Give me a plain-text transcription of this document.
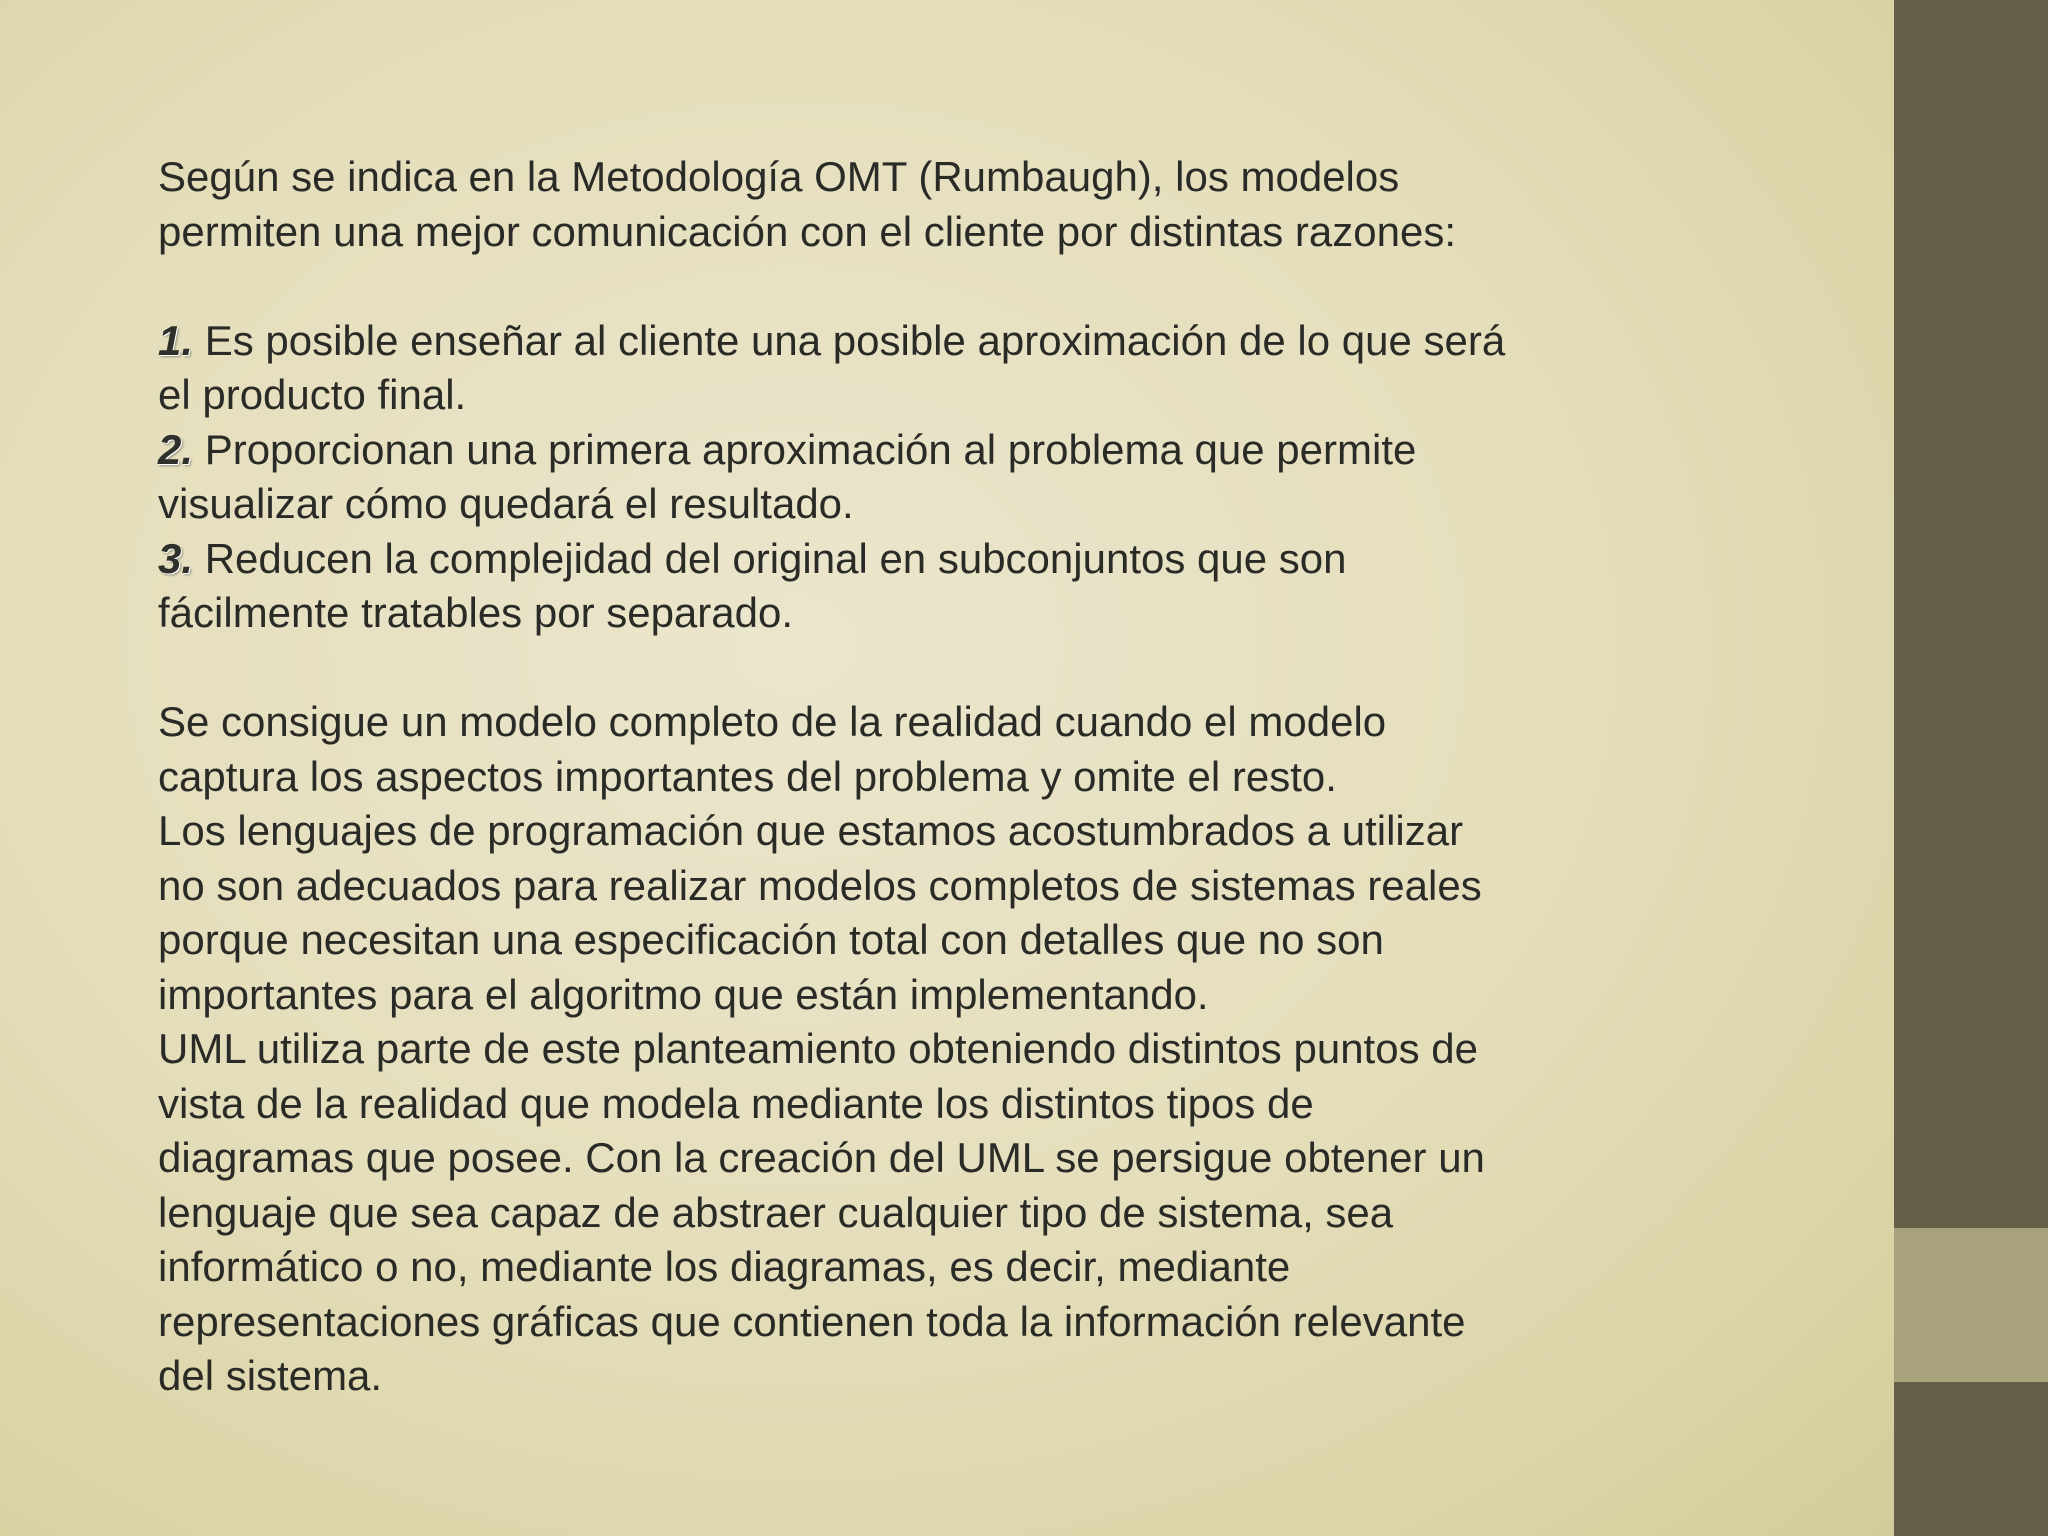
Según se indica en la Metodología OMT (Rumbaugh), los modelos
permiten una mejor comunicación con el cliente por distintas razones:

1. Es posible enseñar al cliente una posible aproximación de lo que será
el producto final.

2. Proporcionan una primera aproximación al problema que permite
visualizar cómo quedará el resultado.

3. Reducen la complejidad del original en subconjuntos que son
fácilmente tratables por separado.

Se consigue un modelo completo de la realidad cuando el modelo
captura los aspectos importantes del problema y omite el resto.
Los lenguajes de programación que estamos acostumbrados a utilizar
no son adecuados para realizar modelos completos de sistemas reales
porque necesitan una especificación total con detalles que no son
importantes para el algoritmo que están implementando.
UML utiliza parte de este planteamiento obteniendo distintos puntos de
vista de la realidad que modela mediante los distintos tipos de
diagramas que posee. Con la creación del UML se persigue obtener un
lenguaje que sea capaz de abstraer cualquier tipo de sistema, sea
informático o no, mediante los diagramas, es decir, mediante
representaciones gráficas que contienen toda la información relevante
del sistema.
